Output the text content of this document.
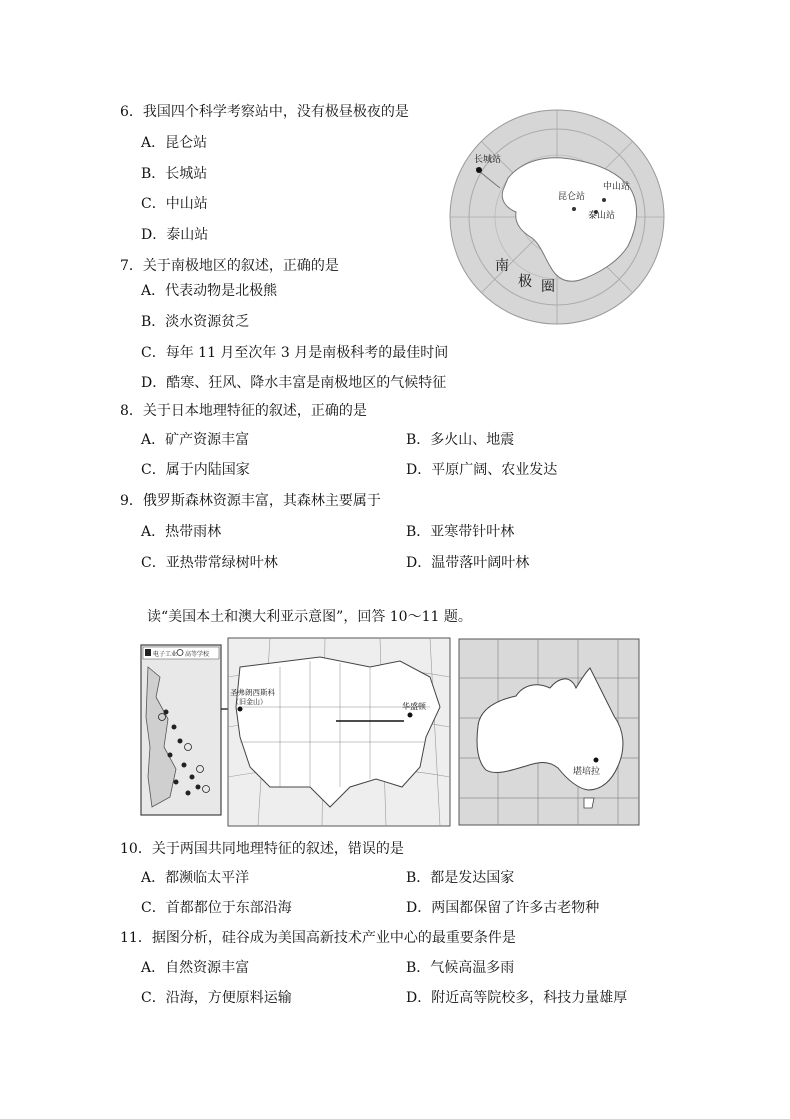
6．我国四个科学考察站中，没有极昼极夜的是
A．昆仑站
B．长城站
C．中山站
D．泰山站
7．关于南极地区的叙述，正确的是
A．代表动物是北极熊
B．淡水资源贫乏
C．每年 11 月至次年 3 月是南极科考的最佳时间
D．酷寒、狂风、降水丰富是南极地区的气候特征
8．关于日本地理特征的叙述，正确的是
A．矿产资源丰富	B．多火山、地震
C．属于内陆国家	D．平原广阔、农业发达
9．俄罗斯森林资源丰富，其森林主要属于
A．热带雨林	B．亚寒带针叶林
C．亚热带常绿树叶林	D．温带落叶阔叶林
读“美国本土和澳大利亚示意图”，回答 10～11 题。
10．关于两国共同地理特征的叙述，错误的是
A．都濒临太平洋	B．都是发达国家
C．首都都位于东部沿海	D．两国都保留了许多古老物种
11．据图分析，硅谷成为美国高新技术产业中心的最重要条件是
A．自然资源丰富	B．气候高温多雨
C．沿海，方便原料运输	D．附近高等院校多，科技力量雄厚
长城站
昆仑站
中山站
泰山站
南
极 圈
电子工业 高等学校
圣弗朗西斯科
（旧金山）	华盛顿
堪培拉
